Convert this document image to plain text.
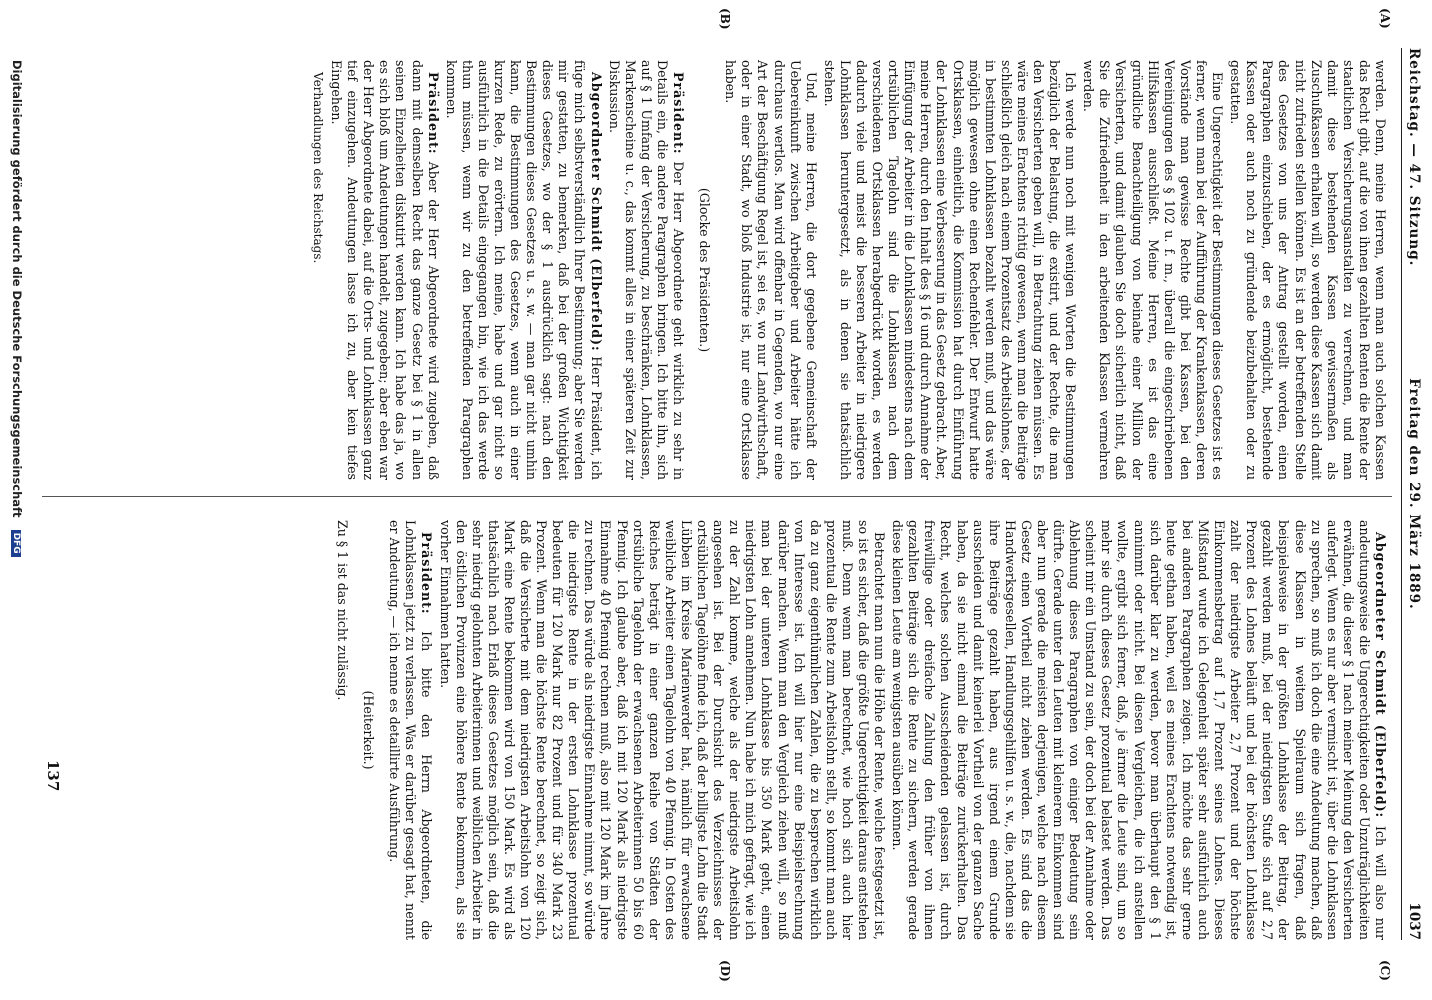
Reichstag. — 47. Sitzung.
Freitag den 29. März 1889.
1037
(A)
(B)
(C)
(D)

werden. Denn, meine Herren, wenn man auch solchen Kassen das Recht gibt, auf die von ihnen gezahlten Renten die Rente der staatlichen Versicherungsanstalten zu verrechnen, und man damit diese bestehenden Kassen gewissermaßen als Zuschußkassen erhalten will, so werden diese Kassen sich damit nicht zufrieden stellen können. Es ist an der betreffenden Stelle des Gesetzes von uns der Antrag gestellt worden, einen Paragraphen einzuschieben, der es ermöglicht, bestehende Kassen oder auch noch zu gründende beizubehalten oder zu gestatten.

Eine Ungerechtigkeit der Bestimmungen dieses Gesetzes ist es ferner, wenn man bei der Aufführung der Krankenkassen, deren Vorstände man gewisse Rechte gibt bei Kassen, bei den Vereinigungen des § 102 u. f. m., überall die eingeschriebenen Hilfskassen ausschließt. Meine Herren, es ist das eine gründliche Benachteiligung von beinahe einer Million der Versicherten, und damit glauben Sie doch sicherlich nicht, daß Sie die Zufriedenheit in den arbeitenden Klassen vermehren werden.

Ich werde nun noch mit wenigen Worten die Bestimmungen bezüglich der Belastung, die existirt, und der Rechte, die man den Versicherten geben will, in Betrachtung ziehen müssen. Es wäre meines Erachtens richtig gewesen, wenn man die Beiträge schließlich gleich nach einem Prozentsatz des Arbeitslohnes, der in bestimmten Lohnklassen bezahlt werden muß, und das wäre möglich gewesen ohne einen Rechenfehler. Der Entwurf hatte Ortsklassen, einheitlich, die Kommission hat durch Einführung der Lohnklassen eine Verbesserung in das Gesetz gebracht. Aber, meine Herren, durch den Inhalt des § 16 und durch Annahme der Einfügung der Arbeiter in die Lohnklassen mindestens nach dem ortsüblichen Tagelohn sind die Lohnklassen nach dem verschiedenen Ortsklassen herabgedrückt worden, es werden dadurch viele und meist die besseren Arbeiter in niedrigere Lohnklassen heruntergesetzt, als in denen sie thatsächlich stehen.

Und, meine Herren, die dort gegebene Gemeinschaft der Uebereinkunft zwischen Arbeitgeber und Arbeiter hätte ich durchaus wertlos. Man wird offenbar in Gegenden, wo nur eine Art der Beschäftigung Regel ist, sei es, wo nur Landwirthschaft, oder in einer Stadt, wo bloß Industrie ist, nur eine Ortsklasse haben.

(Glocke des Präsidenten.)

Präsident: Der Herr Abgeordnete geht wirklich zu sehr in Details ein, die andere Paragraphen bringen. Ich bitte ihn, sich auf § 1 Umfang der Versicherung, zu beschränken, Lohnklassen, Markenscheine u. c., das kommt alles in einer späteren Zeit zur Diskussion.

Abgeordneter Schmidt (Elberfeld): Herr Präsident, ich füge mich selbstverständlich Ihrer Bestimmung; aber Sie werden mir gestatten, zu bemerken, daß bei der großen Wichtigkeit dieses Gesetzes, wo der § 1 ausdrücklich sagt: nach den Bestimmungen dieses Gesetzes u. s. w. — man gar nicht umhin kann, die Bestimmungen des Gesetzes, wenn auch in einer kurzen Rede, zu erörtern. Ich meine, habe und gar nicht so ausführlich in die Details eingegangen bin, wie ich das werde thun müssen, wenn wir zu den betreffenden Paragraphen kommen.

Präsident: Aber der Herr Abgeordnete wird zugeben, daß dann mit demselben Recht das ganze Gesetz bei § 1 in allen seinen Einzelheiten diskutirt werden kann. Ich habe das ja, wo es sich bloß um Andeutungen handelt, zugegeben; aber eben war der Herr Abgeordnete dabei, auf die Orts- und Lohnklassen ganz tief einzugehen. Andeutungen lasse ich zu, aber kein tiefes Eingehen.

Verhandlungen des Reichstags.

Abgeordneter Schmidt (Elberfeld): Ich will also nur andeutungsweise die Ungerechtigkeiten oder Unzuträglichkeiten erwähnen, die dieser § 1 nach meiner Meinung den Versicherten auferlegt. Wenn es nur aber vermischt ist, über die Lohnklassen zu sprechen, so muß ich doch die eine Andeutung machen, daß diese Klassen in weitem Spielraum sich fragen, daß beispielsweise in der größten Lohnklasse der Beitrag, der gezahlt werden muß, bei der niedrigsten Stufe sich auf 2,7 Prozent des Lohnes beläuft und bei der höchsten Lohnklasse zahlt der niedrigste Arbeiter 2,7 Prozent und der höchste Einkommensbetrag auf 1,7 Prozent seines Lohnes. Dieses Mißstand wurde ich Gelegenheit später sehr ausführlich auch bei anderen Paragraphen zeigen. Ich möchte das sehr gerne heute gethan haben, weil es meines Erachtens notwendig ist, sich darüber klar zu werden, bevor man überhaupt den § 1 annimmt oder nicht. Bei diesen Vergleichen, die ich anstellen wollte, ergibt sich ferner, daß, je ärmer die Leute sind, um so mehr sie durch dieses Gesetz prozentual belastet werden. Das scheint mir ein Umstand zu sein, der doch bei der Annahme oder Ablehnung dieses Paragraphen von einiger Bedeutung sein dürfte. Gerade unter den Leuten mit kleinerem Einkommen sind aber nun gerade die meisten derjenigen, welche nach diesem Gesetz einen Vortheil nicht ziehen werden. Es sind das die Handwerksgesellen, Handlungsgehilfen u. s. w., die, nachdem sie ihre Beiträge gezahlt haben, aus irgend einem Grunde ausscheiden und damit keinerlei Vortheil von der ganzen Sache haben, da sie nicht einmal die Beiträge zurückerhalten. Das Recht, welches solchen Ausscheidenden gelassen ist, durch freiwillige oder dreifache Zahlung den früher von ihnen gezahlten Beiträge sich die Rente zu sichern, werden gerade diese kleinen Leute am wenigsten ausüben können.

Betrachtet man nun die Höhe der Rente, welche festgesetzt ist, so ist es sicher, daß die größte Ungerechtigkeit daraus entstehen muß. Denn wenn man berechnet, wie hoch sich auch hier prozentual die Rente zum Arbeitslohn stellt, so kommt man auch da zu ganz eigenthümlichen Zahlen, die zu besprechen wirklich von Interesse ist. Ich will hier nur eine Beispielsrechnung darüber machen. Wenn man den Vergleich ziehen will, so muß man bei der unteren Lohnklasse bis 350 Mark geht, einen niedrigsten Lohn annehmen. Nun habe ich mich gefragt, wie ich zu der Zahl komme, welche als der niedrigste Arbeitslohn angesehen ist. Bei der Durchsicht des Verzeichnisses der ortsüblichen Tagelöhne finde ich, daß der billigste Lohn die Stadt Lübben im Kreise Marienwerder hat, nämlich für erwachsene weibliche Arbeiter einen Tagelohn von 40 Pfennig. In Osten des Reiches beträgt in einer ganzen Reihe von Städten der ortsübliche Tagelohn der erwachsenen Arbeiterinnen 50 bis 60 Pfennig. Ich glaube aber, daß ich mit 120 Mark als niedrigste Einnahme 40 Pfennig rechnen muß, also mit 120 Mark im Jahre zu rechnen. Das würde als niedrigste Einnahme nimmt, so würde die niedrigste Rente in der ersten Lohnklasse prozentual bedeuten für 120 Mark nur 82 Prozent und für 340 Mark 23 Prozent. Wenn man die höchste Rente berechnet, so zeigt sich, daß die Versicherte mit dem niedrigsten Arbeitslohn von 120 Mark eine Rente bekommen wird von 150 Mark. Es wird als thatsächlich nach Erlaß dieses Gesetzes möglich sein, daß die sehr niedrig gelohnten Arbeiterinnen und weiblichen Arbeiter in den östlichen Provinzen eine höhere Rente bekommen, als sie vorher Einnahmen hatten.

Präsident: Ich bitte den Herrn Abgeordneten, die Lohnklassen jetzt zu verlassen. Was er darüber gesagt hat, nennt er Andeutung, — ich nenne es detaillirte Ausführung.

(Heiterkeit.)

Zu § 1 ist das nicht zulässig.

137
Digitalisierung gefördert durch die Deutsche Forschungsgemeinschaft DFG
